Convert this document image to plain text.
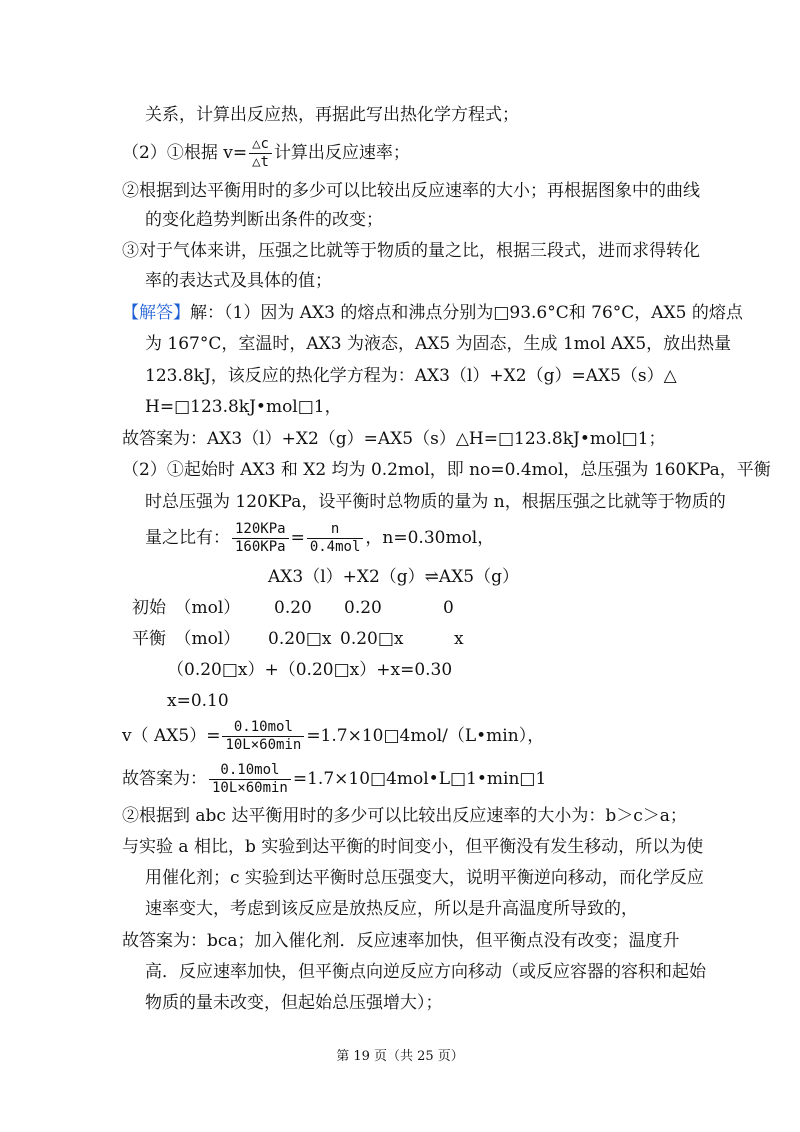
关系，计算出反应热，再据此写出热化学方程式；
（2）①根据 $v= \frac{\triangle c}{\triangle t}$ 计算出反应速率；
②根据到达平衡用时的多少可以比较出反应速率的大小；再根据图象中的曲线
的变化趋势判断出条件的改变；
③对于气体来讲，压强之比就等于物质的量之比，根据三段式，进而求得转化
率的表达式及具体的值；
【解答】解：（1）因为 AX3 的熔点和沸点分别为□93.6°C和 76°C，AX5 的熔点
为 167°C，室温时，AX3 为液态，AX5 为固态，生成 1mol AX5，放出热量
123.8kJ，该反应的热化学方程为：AX3（l）+X2（g）=AX5（s）△
H=□123.8kJ•mol□1，
故答案为：AX3（l）+X2（g）=AX5（s）△H=□123.8kJ•mol□1；
（2）①起始时 AX3 和 X2 均为 0.2mol，即 no=0.4mol，总压强为 160KPa，平衡
时总压强为 120KPa，设平衡时总物质的量为 n，根据压强之比就等于物质的
量之比有： $\frac{\text{120KPa}}{\text{160KPa}} = \frac{n}{\text{0.4mol}}$ ，n=0.30mol，
AX3（l）+X2（g）⇌AX5（g）
初始　（mol） 0.20 0.20	0
平衡　（mol） 0.20□x 0.20□x	x
（0.20□x）+（0.20□x）+x=0.30
x=0.10
v（ $AX5)= \frac{\text{0.10mol}}{10L\times 60\min}$ =1.7×10□4mol/（L•min），
故答案为： $\frac{\text{0.10mol}}{10L\times 60\min}$ =1.7×10□4mol•L□1•min□1
②根据到 abc 达平衡用时的多少可以比较出反应速率的大小为：b＞c＞a；
与实验 a 相比，b 实验到达平衡的时间变小，但平衡没有发生移动，所以为使
用催化剂；c 实验到达平衡时总压强变大，说明平衡逆向移动，而化学反应
速率变大，考虑到该反应是放热反应，所以是升高温度所导致的，
故答案为：bca；加入催化剂．反应速率加快，但平衡点没有改变；温度升
高．反应速率加快，但平衡点向逆反应方向移动（或反应容器的容积和起始
物质的量未改变，但起始总压强增大）；
第 19 页（共 25 页）
